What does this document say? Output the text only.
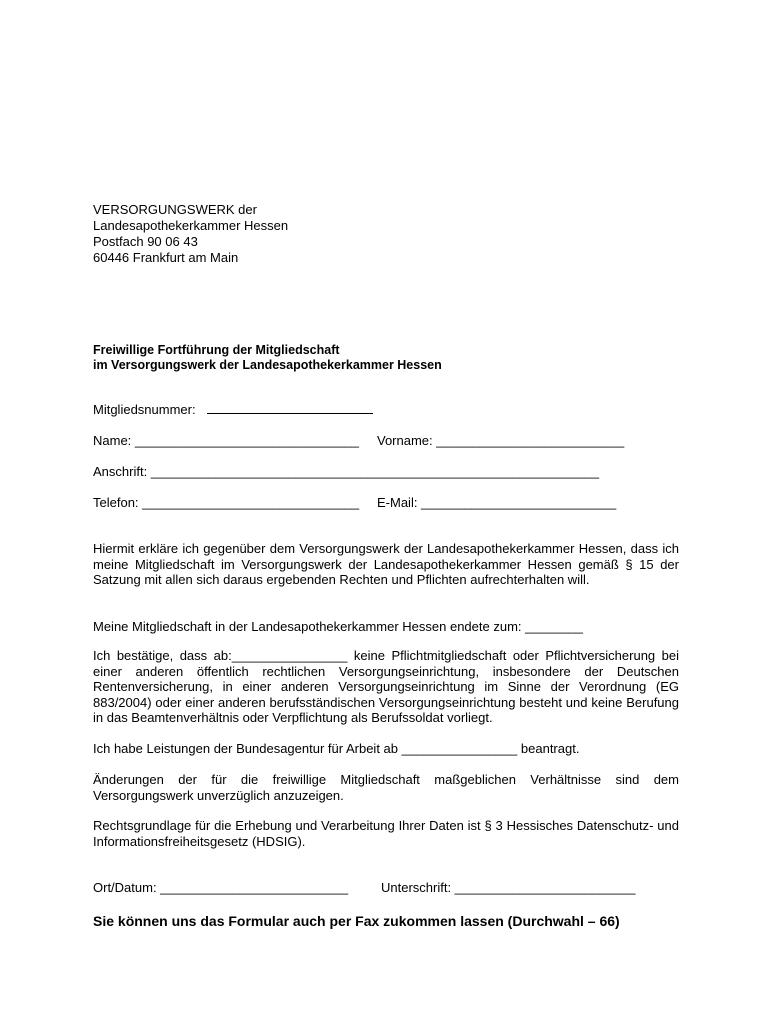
VERSORGUNGSWERK der
Landesapothekerkammer Hessen
Postfach 90 06 43
60446 Frankfurt am Main
Freiwillige Fortführung der Mitgliedschaft
im Versorgungswerk der Landesapothekerkammer Hessen
Mitgliedsnummer:
Name: _______________________________ Vorname: __________________________
Anschrift: ______________________________________________________________
Telefon: ______________________________ E-Mail: ___________________________

Hiermit erkläre ich gegenüber dem Versorgungswerk der Landesapothekerkammer Hessen, dass ich meine Mitgliedschaft im Versorgungswerk der Landesapothekerkammer Hessen gemäß § 15 der Satzung mit allen sich daraus ergebenden Rechten und Pflichten aufrechterhalten will.

Meine Mitgliedschaft in der Landesapothekerkammer Hessen endete zum: ________

Ich bestätige, dass ab:________________ keine Pflichtmitgliedschaft oder Pflichtversicherung bei einer anderen öffentlich rechtlichen Versorgungseinrichtung, insbesondere der Deutschen Rentenversicherung, in einer anderen Versorgungseinrichtung im Sinne der Verordnung (EG 883/2004) oder einer anderen berufsständischen Versorgungseinrichtung besteht und keine Berufung in das Beamtenverhältnis oder Verpflichtung als Berufssoldat vorliegt.

Ich habe Leistungen der Bundesagentur für Arbeit ab ________________ beantragt.

Änderungen der für die freiwillige Mitgliedschaft maßgeblichen Verhältnisse sind dem Versorgungswerk unverzüglich anzuzeigen.

Rechtsgrundlage für die Erhebung und Verarbeitung Ihrer Daten ist § 3 Hessisches Datenschutz- und Informationsfreiheitsgesetz (HDSIG).

Ort/Datum: __________________________	Unterschrift: _________________________
Sie können uns das Formular auch per Fax zukommen lassen (Durchwahl – 66)
